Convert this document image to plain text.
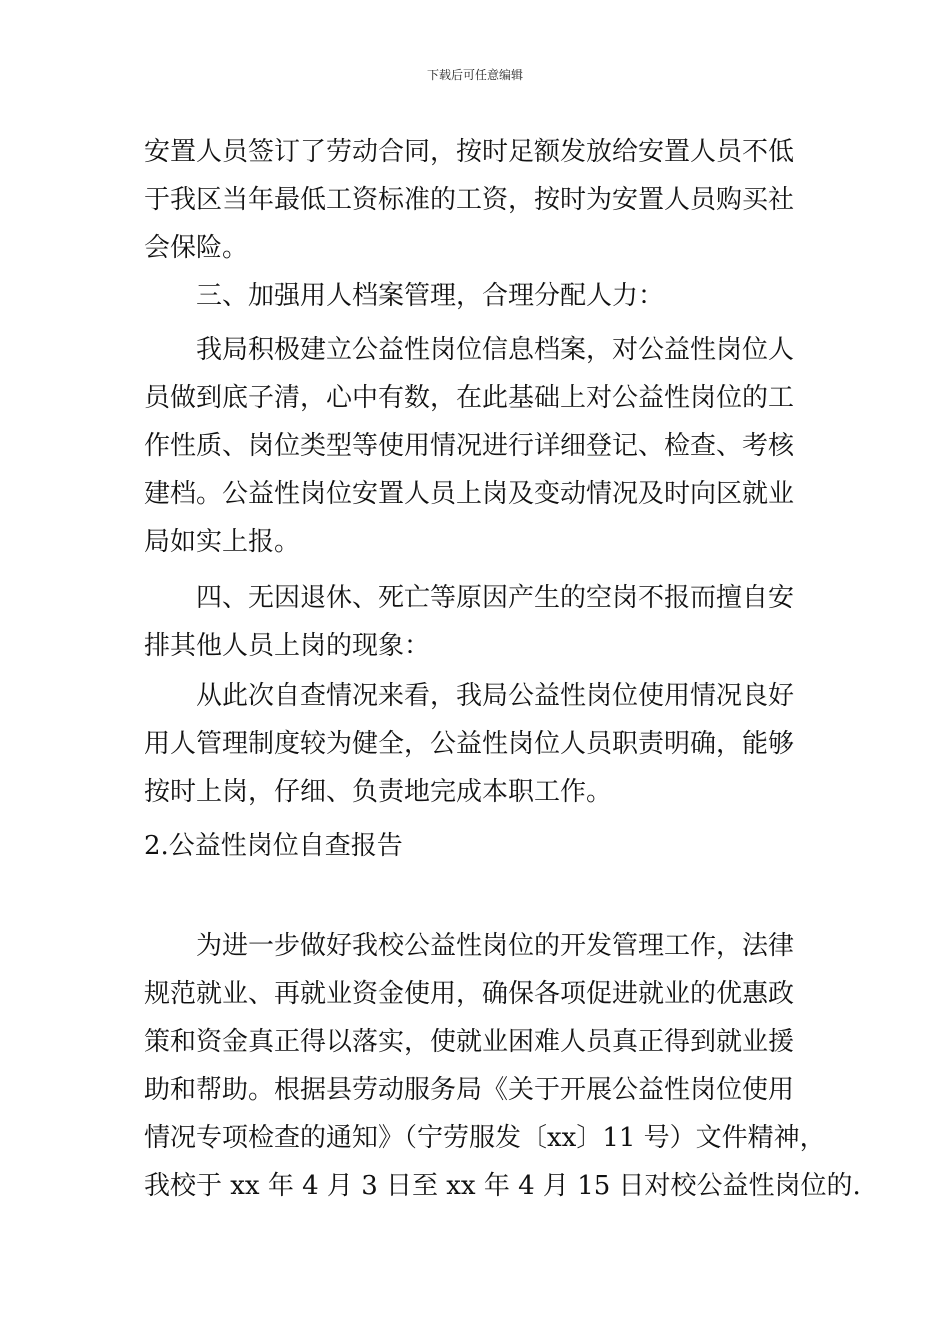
下载后可任意编辑
安置人员签订了劳动合同，按时足额发放给安置人员不低
于我区当年最低工资标准的工资，按时为安置人员购买社
会保险。
三、加强用人档案管理，合理分配人力：
我局积极建立公益性岗位信息档案，对公益性岗位人
员做到底子清，心中有数，在此基础上对公益性岗位的工
作性质、岗位类型等使用情况进行详细登记、检查、考核
建档。公益性岗位安置人员上岗及变动情况及时向区就业
局如实上报。
四、无因退休、死亡等原因产生的空岗不报而擅自安
排其他人员上岗的现象：
从此次自查情况来看，我局公益性岗位使用情况良好
用人管理制度较为健全，公益性岗位人员职责明确，能够
按时上岗，仔细、负责地完成本职工作。
2.公益性岗位自查报告
为进一步做好我校公益性岗位的开发管理工作，法律
规范就业、再就业资金使用，确保各项促进就业的优惠政
策和资金真正得以落实，使就业困难人员真正得到就业援
助和帮助。根据县劳动服务局《关于开展公益性岗位使用
情况专项检查的通知》（宁劳服发〔xx〕11 号）文件精神，
我校于 xx 年 4 月 3 日至 xx 年 4 月 15 日对校公益性岗位的.
